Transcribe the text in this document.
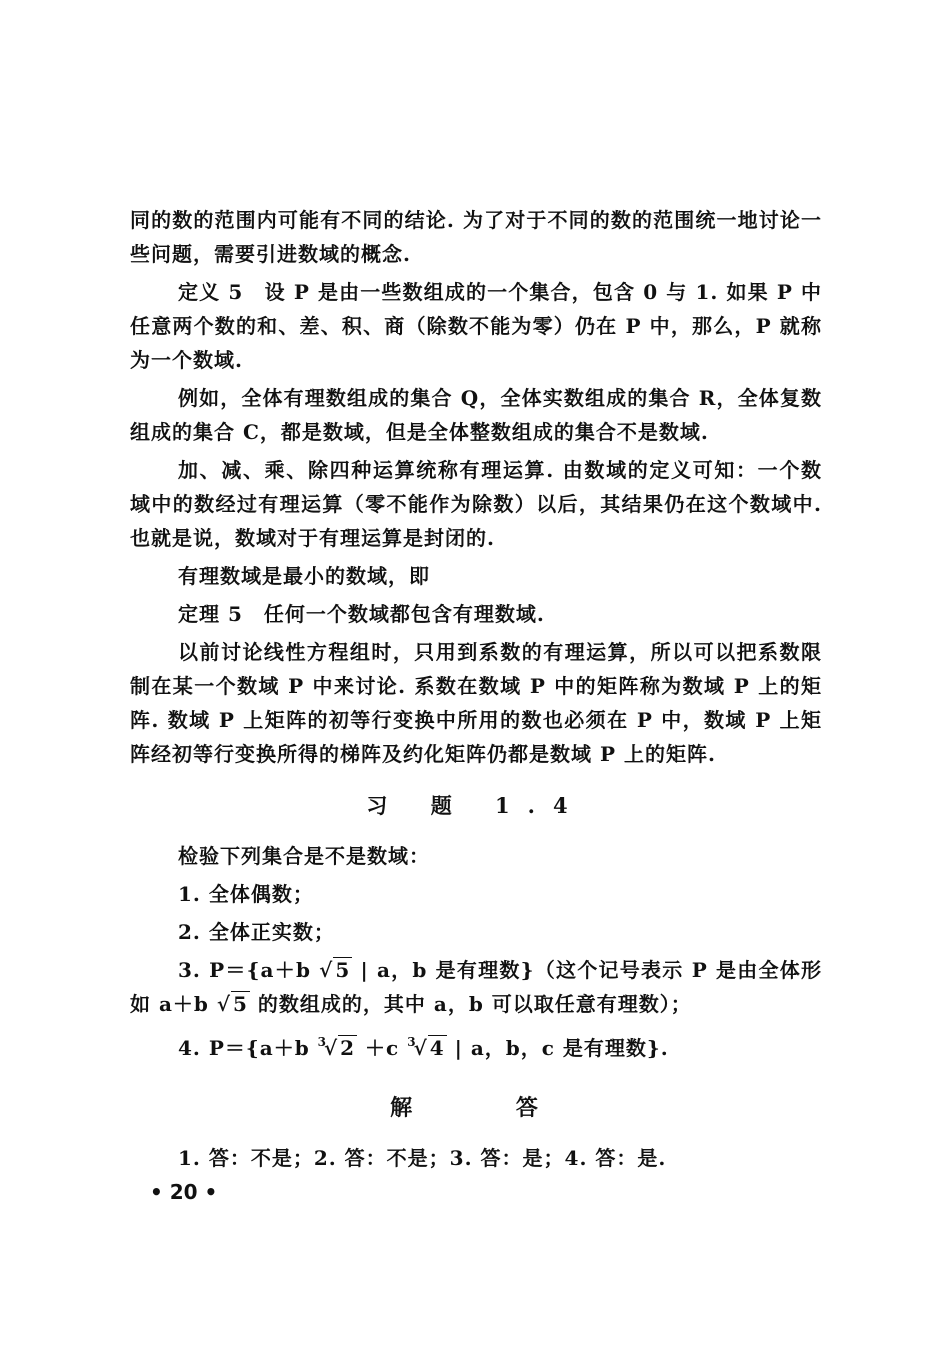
同的数的范围内可能有不同的结论. 为了对于不同的数的范围统一地讨论一些问题，需要引进数域的概念.

定义 5　设 P 是由一些数组成的一个集合，包含 0 与 1. 如果 P 中任意两个数的和、差、积、商（除数不能为零）仍在 P 中，那么，P 就称为一个数域.

例如，全体有理数组成的集合 Q，全体实数组成的集合 R，全体复数组成的集合 C，都是数域，但是全体整数组成的集合不是数域.

加、减、乘、除四种运算统称有理运算. 由数域的定义可知：一个数域中的数经过有理运算（零不能作为除数）以后，其结果仍在这个数域中. 也就是说，数域对于有理运算是封闭的.

有理数域是最小的数域，即

定理 5　任何一个数域都包含有理数域.

以前讨论线性方程组时，只用到系数的有理运算，所以可以把系数限制在某一个数域 P 中来讨论. 系数在数域 P 中的矩阵称为数域 P 上的矩阵. 数域 P 上矩阵的初等行变换中所用的数也必须在 P 中，数域 P 上矩阵经初等行变换所得的梯阵及约化矩阵仍都是数域 P 上的矩阵.

习 题 1.4

检验下列集合是不是数域：

1. 全体偶数；

2. 全体正实数；

3. P＝{a＋b √ 5 | a，b 是有理数}（这个记号表示 P 是由全体形如 a＋b √ 5 的数组成的，其中 a，b 可以取任意有理数）；

4. P＝{a＋b $^3$√ 2 ＋c $^3$√ 4 | a，b，c 是有理数}.

解 答

1. 答：不是；2. 答：不是；3. 答：是；4. 答：是.

• 20 •
